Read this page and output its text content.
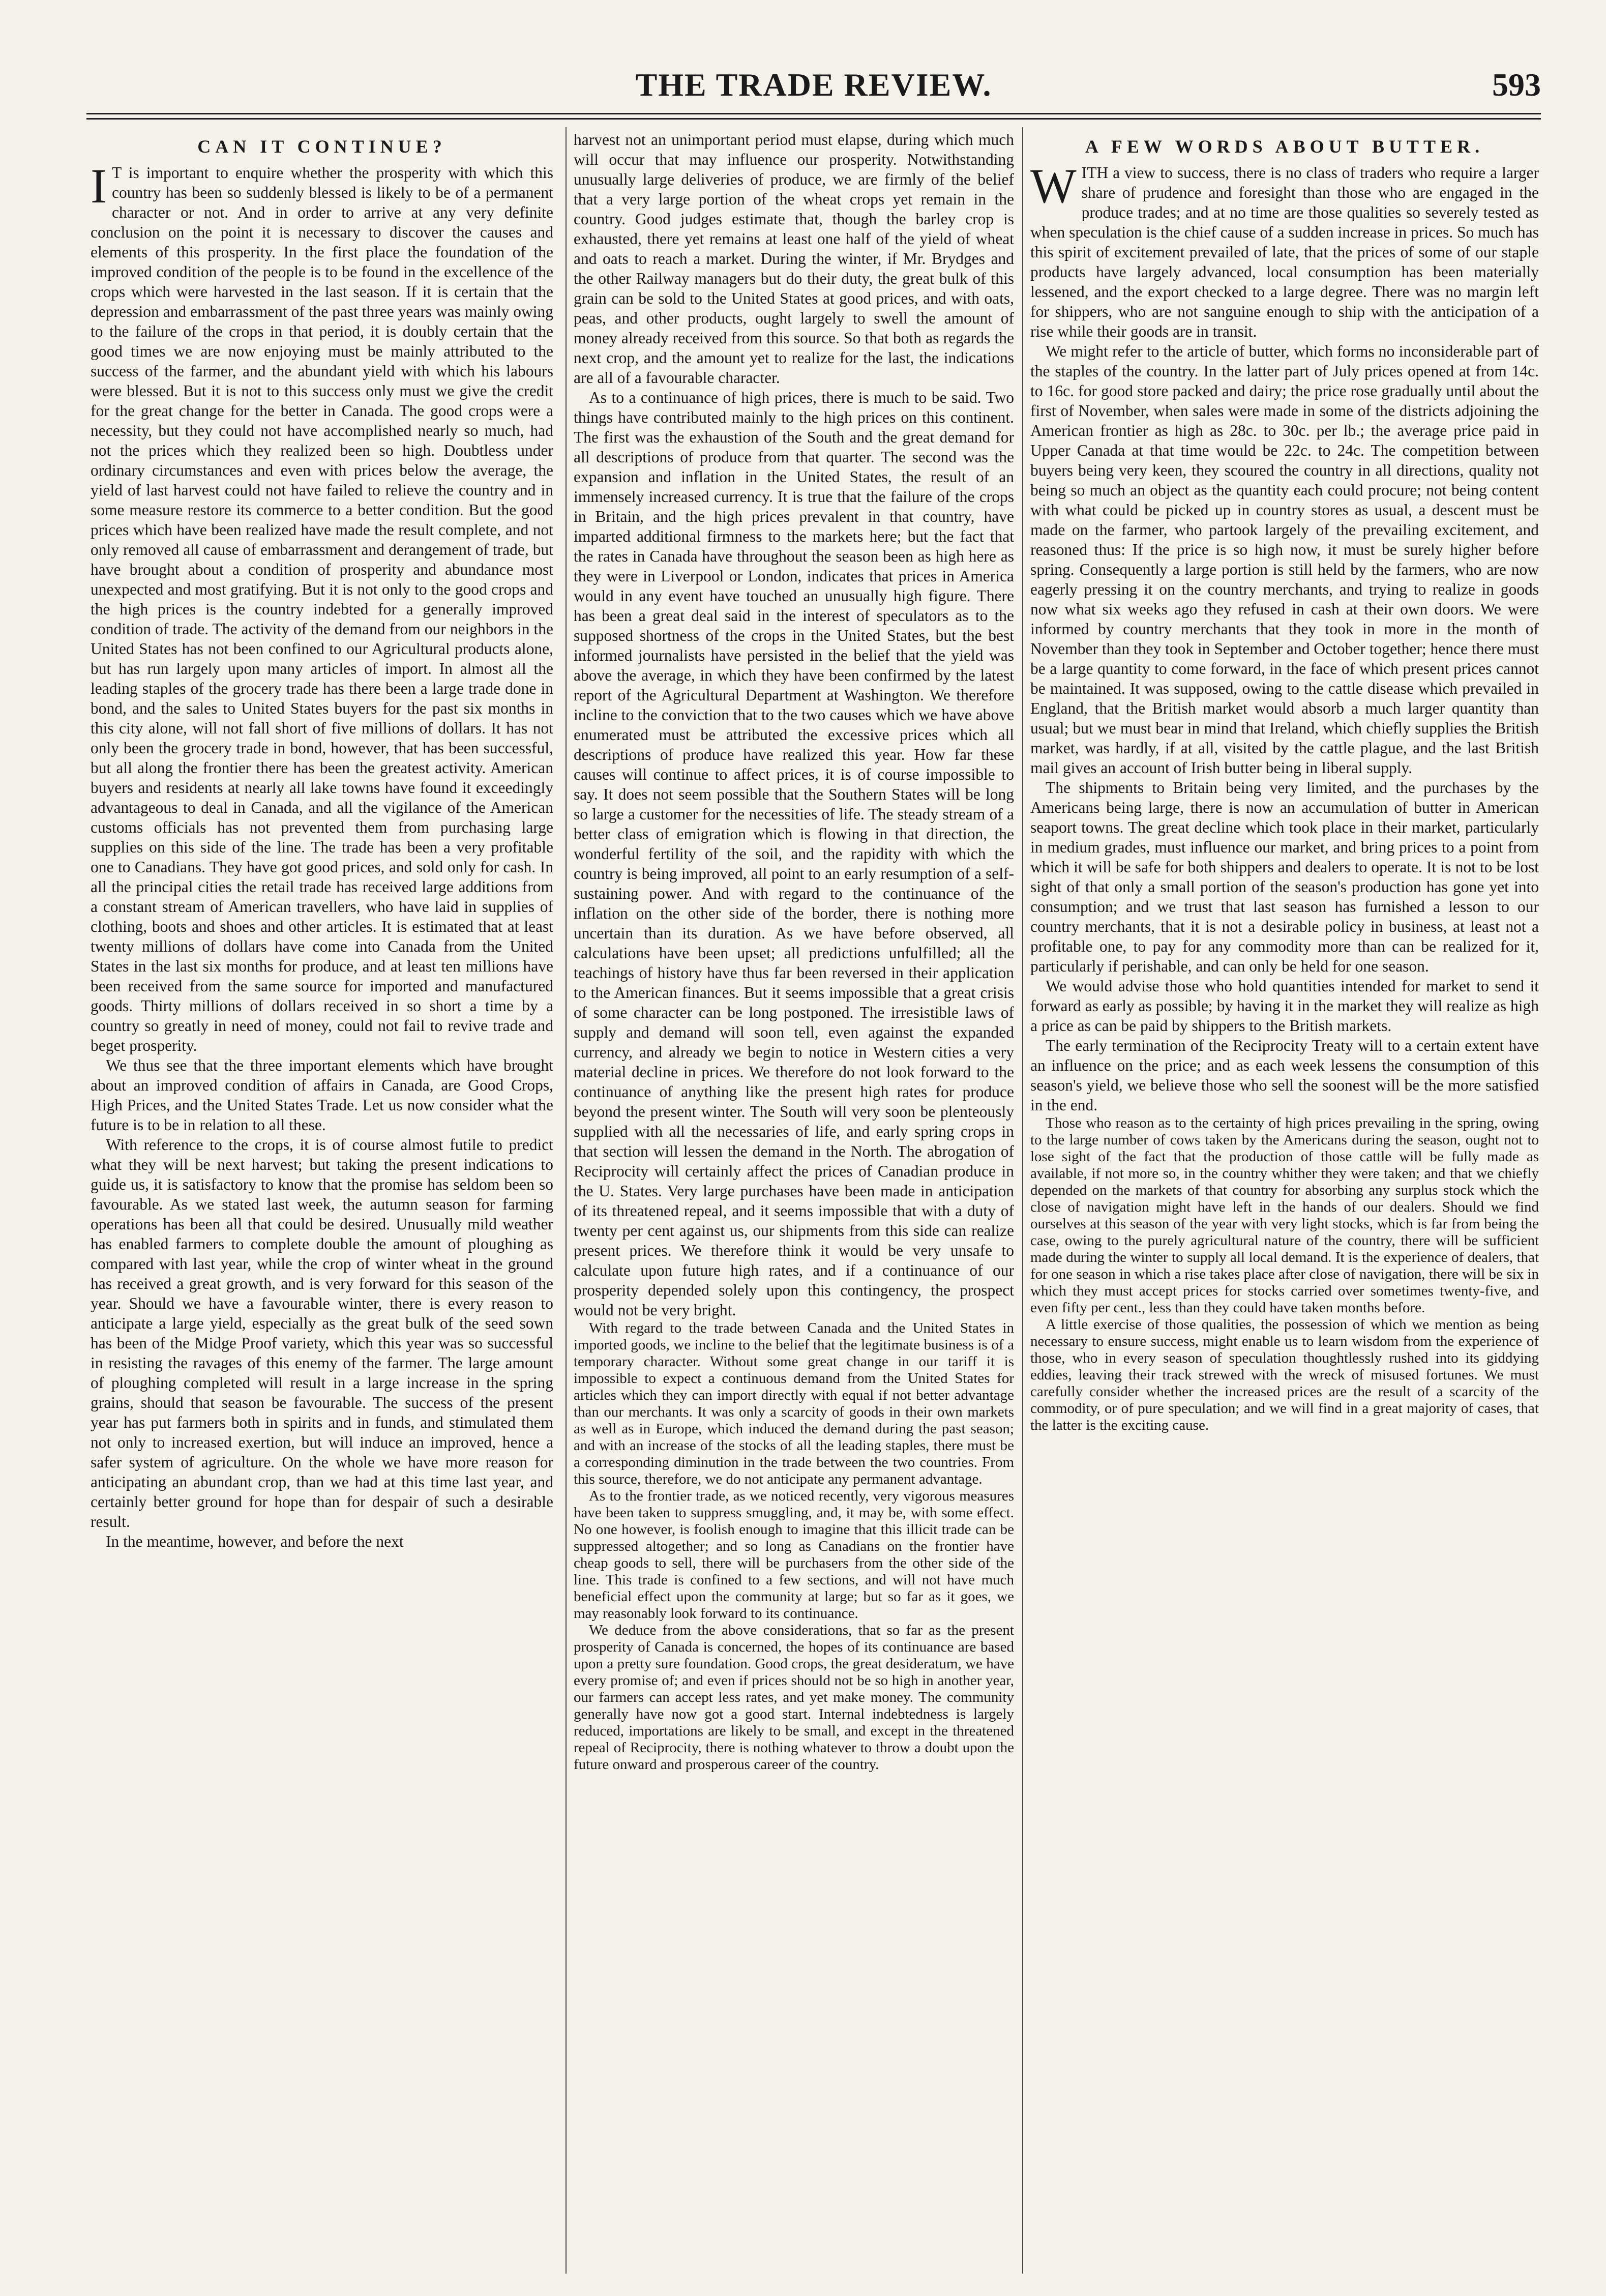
THE TRADE REVIEW.	593
CAN IT CONTINUE?

I T is important to enquire whether the prosperity with which this country has been so suddenly blessed is likely to be of a permanent character or not. And in order to arrive at any very definite conclusion on the point it is necessary to discover the causes and elements of this prosperity. In the first place the foundation of the improved condition of the people is to be found in the excellence of the crops which were harvested in the last season. If it is certain that the depression and embarrassment of the past three years was mainly owing to the failure of the crops in that period, it is doubly certain that the good times we are now enjoying must be mainly attributed to the success of the farmer, and the abundant yield with which his labours were blessed. But it is not to this success only must we give the credit for the great change for the better in Canada. The good crops were a necessity, but they could not have accomplished nearly so much, had not the prices which they realized been so high. Doubtless under ordinary circumstances and even with prices below the average, the yield of last harvest could not have failed to relieve the country and in some measure restore its commerce to a better condition. But the good prices which have been realized have made the result complete, and not only removed all cause of embarrassment and derangement of trade, but have brought about a condition of prosperity and abundance most unexpected and most gratifying. But it is not only to the good crops and the high prices is the country indebted for a generally improved condition of trade. The activity of the demand from our neighbors in the United States has not been confined to our Agricultural products alone, but has run largely upon many articles of import. In almost all the leading staples of the grocery trade has there been a large trade done in bond, and the sales to United States buyers for the past six months in this city alone, will not fall short of five millions of dollars. It has not only been the grocery trade in bond, however, that has been successful, but all along the frontier there has been the greatest activity. American buyers and residents at nearly all lake towns have found it exceedingly advantageous to deal in Canada, and all the vigilance of the American customs officials has not prevented them from purchasing large supplies on this side of the line. The trade has been a very profitable one to Canadians. They have got good prices, and sold only for cash. In all the principal cities the retail trade has received large additions from a constant stream of American travellers, who have laid in supplies of clothing, boots and shoes and other articles. It is estimated that at least twenty millions of dollars have come into Canada from the United States in the last six months for produce, and at least ten millions have been received from the same source for imported and manufactured goods. Thirty millions of dollars received in so short a time by a country so greatly in need of money, could not fail to revive trade and beget prosperity.

We thus see that the three important elements which have brought about an improved condition of affairs in Canada, are Good Crops, High Prices, and the United States Trade. Let us now consider what the future is to be in relation to all these.

With reference to the crops, it is of course almost futile to predict what they will be next harvest; but taking the present indications to guide us, it is satisfactory to know that the promise has seldom been so favourable. As we stated last week, the autumn season for farming operations has been all that could be desired. Unusually mild weather has enabled farmers to complete double the amount of ploughing as compared with last year, while the crop of winter wheat in the ground has received a great growth, and is very forward for this season of the year. Should we have a favourable winter, there is every reason to anticipate a large yield, especially as the great bulk of the seed sown has been of the Midge Proof variety, which this year was so successful in resisting the ravages of this enemy of the farmer. The large amount of ploughing completed will result in a large increase in the spring grains, should that season be favourable. The success of the present year has put farmers both in spirits and in funds, and stimulated them not only to increased exertion, but will induce an improved, hence a safer system of agriculture. On the whole we have more reason for anticipating an abundant crop, than we had at this time last year, and certainly better ground for hope than for despair of such a desirable result.

In the meantime, however, and before the next

harvest not an unimportant period must elapse, during which much will occur that may influence our prosperity. Notwithstanding unusually large deliveries of produce, we are firmly of the belief that a very large portion of the wheat crops yet remain in the country. Good judges estimate that, though the barley crop is exhausted, there yet remains at least one half of the yield of wheat and oats to reach a market. During the winter, if Mr. Brydges and the other Railway managers but do their duty, the great bulk of this grain can be sold to the United States at good prices, and with oats, peas, and other products, ought largely to swell the amount of money already received from this source. So that both as regards the next crop, and the amount yet to realize for the last, the indications are all of a favourable character.

As to a continuance of high prices, there is much to be said. Two things have contributed mainly to the high prices on this continent. The first was the exhaustion of the South and the great demand for all descriptions of produce from that quarter. The second was the expansion and inflation in the United States, the result of an immensely increased currency. It is true that the failure of the crops in Britain, and the high prices prevalent in that country, have imparted additional firmness to the markets here; but the fact that the rates in Canada have throughout the season been as high here as they were in Liverpool or London, indicates that prices in America would in any event have touched an unusually high figure. There has been a great deal said in the interest of speculators as to the supposed shortness of the crops in the United States, but the best informed journalists have persisted in the belief that the yield was above the average, in which they have been confirmed by the latest report of the Agricultural Department at Washington. We therefore incline to the conviction that to the two causes which we have above enumerated must be attributed the excessive prices which all descriptions of produce have realized this year. How far these causes will continue to affect prices, it is of course impossible to say. It does not seem possible that the Southern States will be long so large a customer for the necessities of life. The steady stream of a better class of emigration which is flowing in that direction, the wonderful fertility of the soil, and the rapidity with which the country is being improved, all point to an early resumption of a self-sustaining power. And with regard to the continuance of the inflation on the other side of the border, there is nothing more uncertain than its duration. As we have before observed, all calculations have been upset; all predictions unfulfilled; all the teachings of history have thus far been reversed in their application to the American finances. But it seems impossible that a great crisis of some character can be long postponed. The irresistible laws of supply and demand will soon tell, even against the expanded currency, and already we begin to notice in Western cities a very material decline in prices. We therefore do not look forward to the continuance of anything like the present high rates for produce beyond the present winter. The South will very soon be plenteously supplied with all the necessaries of life, and early spring crops in that section will lessen the demand in the North. The abrogation of Reciprocity will certainly affect the prices of Canadian produce in the U. States. Very large purchases have been made in anticipation of its threatened repeal, and it seems impossible that with a duty of twenty per cent against us, our shipments from this side can realize present prices. We therefore think it would be very unsafe to calculate upon future high rates, and if a continuance of our prosperity depended solely upon this contingency, the prospect would not be very bright.

With regard to the trade between Canada and the United States in imported goods, we incline to the belief that the legitimate business is of a temporary character. Without some great change in our tariff it is impossible to expect a continuous demand from the United States for articles which they can import directly with equal if not better advantage than our merchants. It was only a scarcity of goods in their own markets as well as in Europe, which induced the demand during the past season; and with an increase of the stocks of all the leading staples, there must be a corresponding diminution in the trade between the two countries. From this source, therefore, we do not anticipate any permanent advantage.

As to the frontier trade, as we noticed recently, very vigorous measures have been taken to suppress smuggling, and, it may be, with some effect. No one however, is foolish enough to imagine that this illicit trade can be suppressed altogether; and so long as Canadians on the frontier have cheap goods to sell, there will be purchasers from the other side of the line. This trade is confined to a few sections, and will not have much beneficial effect upon the community at large; but so far as it goes, we may reasonably look forward to its continuance.

We deduce from the above considerations, that so far as the present prosperity of Canada is concerned, the hopes of its continuance are based upon a pretty sure foundation. Good crops, the great desideratum, we have every promise of; and even if prices should not be so high in another year, our farmers can accept less rates, and yet make money. The community generally have now got a good start. Internal indebtedness is largely reduced, importations are likely to be small, and except in the threatened repeal of Reciprocity, there is nothing whatever to throw a doubt upon the future onward and prosperous career of the country.

A FEW WORDS ABOUT BUTTER.

WITH a view to success, there is no class of traders who require a larger share of prudence and foresight than those who are engaged in the produce trades; and at no time are those qualities so severely tested as when speculation is the chief cause of a sudden increase in prices. So much has this spirit of excitement prevailed of late, that the prices of some of our staple products have largely advanced, local consumption has been materially lessened, and the export checked to a large degree. There was no margin left for shippers, who are not sanguine enough to ship with the anticipation of a rise while their goods are in transit.

We might refer to the article of butter, which forms no inconsiderable part of the staples of the country. In the latter part of July prices opened at from 14c. to 16c. for good store packed and dairy; the price rose gradually until about the first of November, when sales were made in some of the districts adjoining the American frontier as high as 28c. to 30c. per lb.; the average price paid in Upper Canada at that time would be 22c. to 24c. The competition between buyers being very keen, they scoured the country in all directions, quality not being so much an object as the quantity each could procure; not being content with what could be picked up in country stores as usual, a descent must be made on the farmer, who partook largely of the prevailing excitement, and reasoned thus: If the price is so high now, it must be surely higher before spring. Consequently a large portion is still held by the farmers, who are now eagerly pressing it on the country merchants, and trying to realize in goods now what six weeks ago they refused in cash at their own doors. We were informed by country merchants that they took in more in the month of November than they took in September and October together; hence there must be a large quantity to come forward, in the face of which present prices cannot be maintained. It was supposed, owing to the cattle disease which prevailed in England, that the British market would absorb a much larger quantity than usual; but we must bear in mind that Ireland, which chiefly supplies the British market, was hardly, if at all, visited by the cattle plague, and the last British mail gives an account of Irish butter being in liberal supply.

The shipments to Britain being very limited, and the purchases by the Americans being large, there is now an accumulation of butter in American seaport towns. The great decline which took place in their market, particularly in medium grades, must influence our market, and bring prices to a point from which it will be safe for both shippers and dealers to operate. It is not to be lost sight of that only a small portion of the season's production has gone yet into consumption; and we trust that last season has furnished a lesson to our country merchants, that it is not a desirable policy in business, at least not a profitable one, to pay for any commodity more than can be realized for it, particularly if perishable, and can only be held for one season.

We would advise those who hold quantities intended for market to send it forward as early as possible; by having it in the market they will realize as high a price as can be paid by shippers to the British markets.

The early termination of the Reciprocity Treaty will to a certain extent have an influence on the price; and as each week lessens the consumption of this season's yield, we believe those who sell the soonest will be the more satisfied in the end.

Those who reason as to the certainty of high prices prevailing in the spring, owing to the large number of cows taken by the Americans during the season, ought not to lose sight of the fact that the production of those cattle will be fully made as available, if not more so, in the country whither they were taken; and that we chiefly depended on the markets of that country for absorbing any surplus stock which the close of navigation might have left in the hands of our dealers. Should we find ourselves at this season of the year with very light stocks, which is far from being the case, owing to the purely agricultural nature of the country, there will be sufficient made during the winter to supply all local demand. It is the experience of dealers, that for one season in which a rise takes place after close of navigation, there will be six in which they must accept prices for stocks carried over sometimes twenty-five, and even fifty per cent., less than they could have taken months before.

A little exercise of those qualities, the possession of which we mention as being necessary to ensure success, might enable us to learn wisdom from the experience of those, who in every season of speculation thoughtlessly rushed into its giddying eddies, leaving their track strewed with the wreck of misused fortunes. We must carefully consider whether the increased prices are the result of a scarcity of the commodity, or of pure speculation; and we will find in a great majority of cases, that the latter is the exciting cause.
